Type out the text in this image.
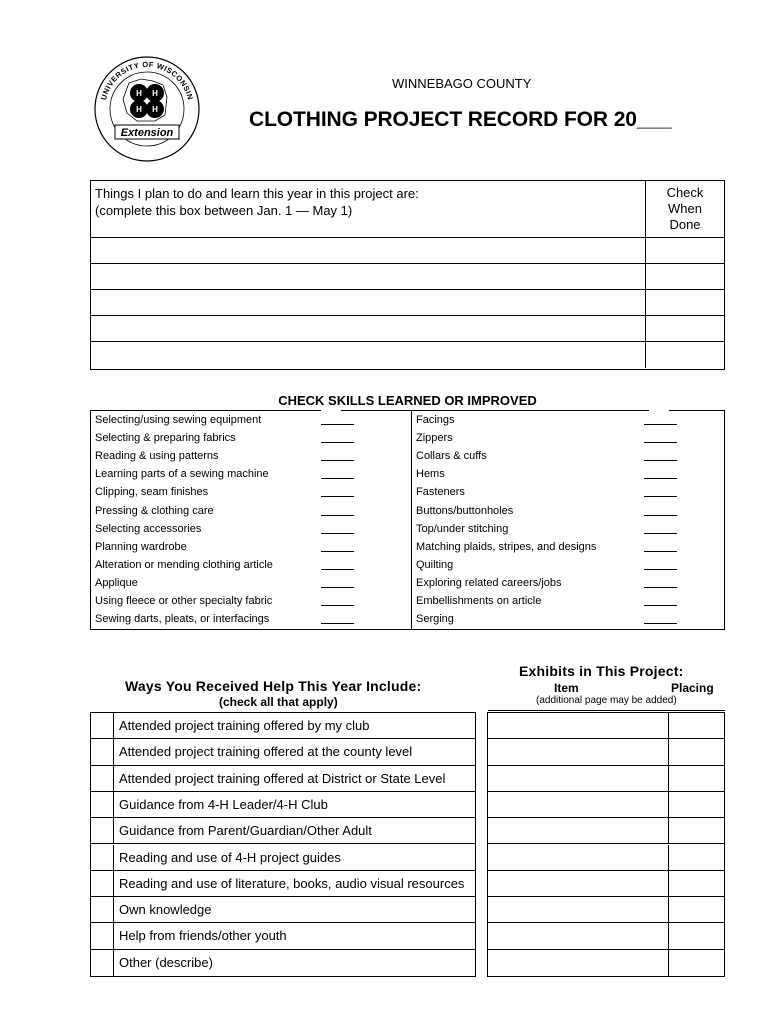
UNIVERSITY OF WISCONSIN
H H
H H
Extension
WINNEBAGO COUNTY
CLOTHING PROJECT RECORD FOR 20___
Things I plan to do and learn this year in this project are:
(complete this box between Jan. 1 — May 1)
Check
When
Done
CHECK SKILLS LEARNED OR IMPROVED
Selecting/using sewing equipment
Selecting & preparing fabrics
Reading & using patterns
Learning parts of a sewing machine
Clipping, seam finishes
Pressing & clothing care
Selecting accessories
Planning wardrobe
Alteration or mending clothing article
Applique
Using fleece or other specialty fabric
Sewing darts, pleats, or interfacings
Facings
Zippers
Collars & cuffs
Hems
Fasteners
Buttons/buttonholes
Top/under stitching
Matching plaids, stripes, and designs
Quilting
Exploring related careers/jobs
Embellishments on article
Serging
Ways You Received Help This Year Include:
(check all that apply)
Attended project training offered by my club
Attended project training offered at the county level
Attended project training offered at District or State Level
Guidance from 4-H Leader/4-H Club
Guidance from Parent/Guardian/Other Adult
Reading and use of 4-H project guides
Reading and use of literature, books, audio visual resources
Own knowledge
Help from friends/other youth
Other (describe)
Exhibits in This Project:
Item	Placing
(additional page may be added)
